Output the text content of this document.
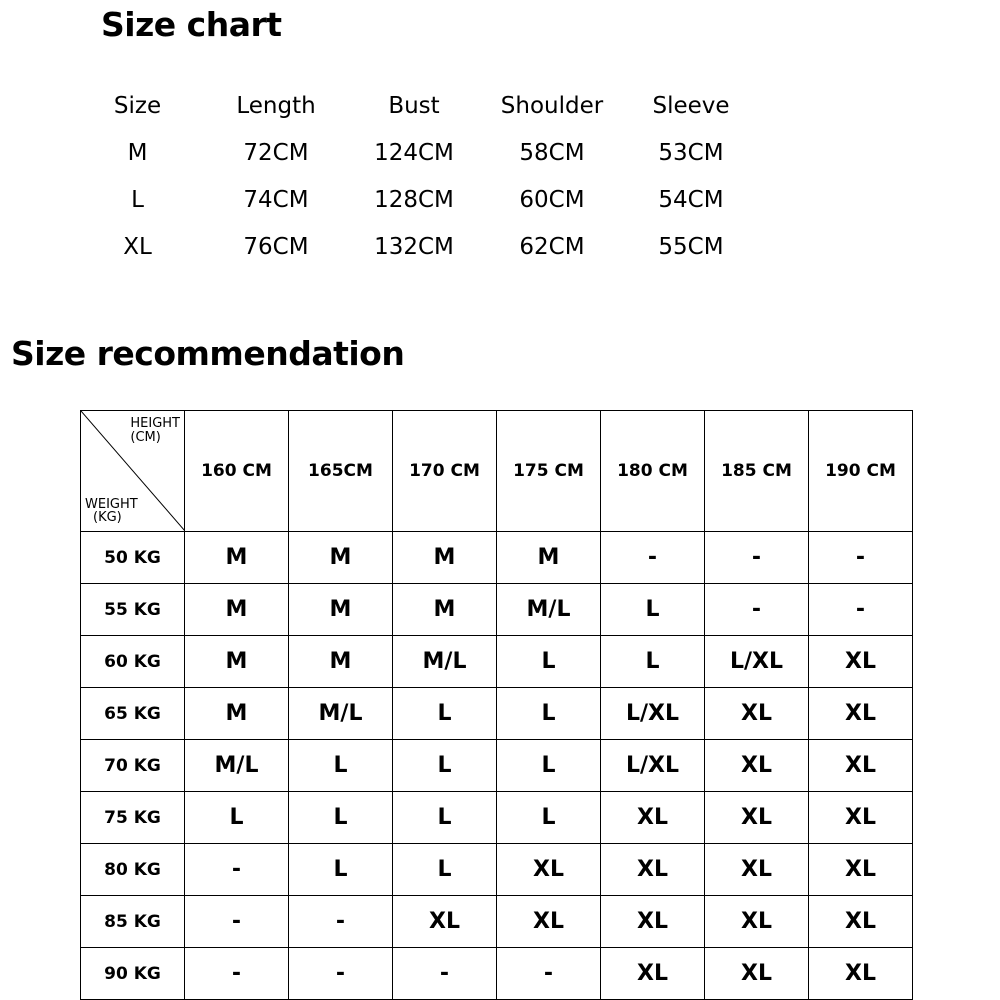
Size chart
Size	Length	Bust	Shoulder	Sleeve
M	72CM	124CM	58CM	53CM
L	74CM	128CM	60CM	54CM
XL	76CM	132CM	62CM	55CM
Size recommendation
HEIGHT
(CM)
WEIGHT
(KG)	160 CM	165CM	170 CM	175 CM	180 CM	185 CM	190 CM
50 KG	M	M	M	M	-	-	-
55 KG	M	M	M	M/L	L	-	-
60 KG	M	M	M/L	L	L	L/XL	XL
65 KG	M	M/L	L	L	L/XL	XL	XL
70 KG	M/L	L	L	L	L/XL	XL	XL
75 KG	L	L	L	L	XL	XL	XL
80 KG	-	L	L	XL	XL	XL	XL
85 KG	-	-	XL	XL	XL	XL	XL
90 KG	-	-	-	-	XL	XL	XL
